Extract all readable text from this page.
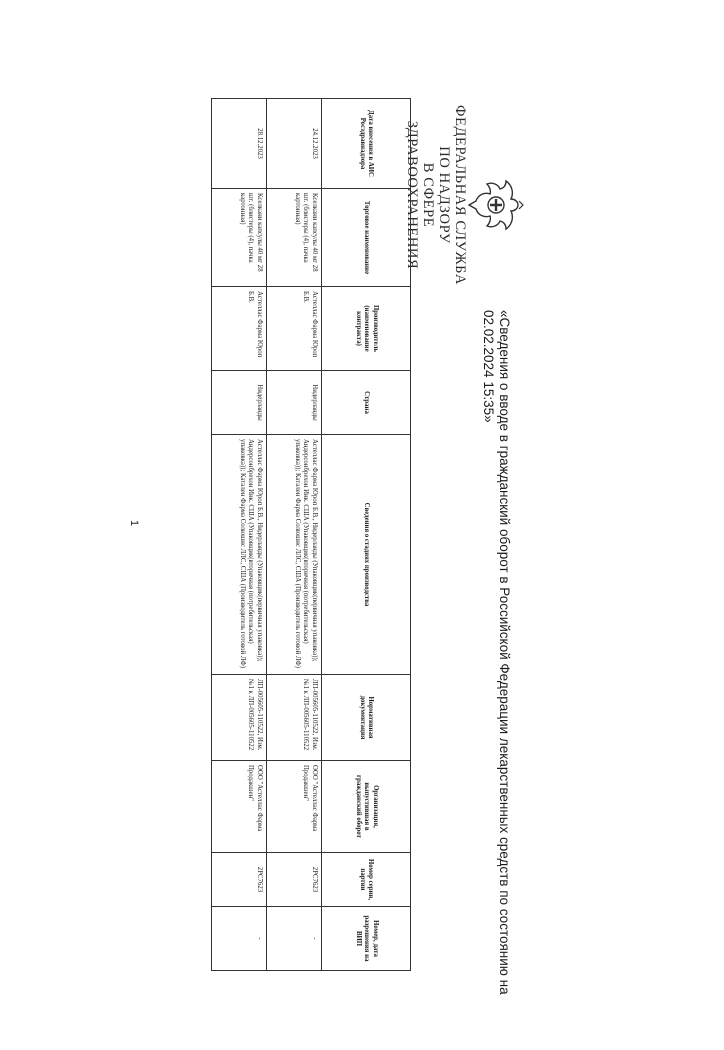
ФЕДЕРАЛЬНАЯ СЛУЖБА ПО НАДЗОРУ
В СФЕРЕ ЗДРАВООХРАНЕНИЯ
«Сведения о вводе в гражданский оборот в Российской Федерации лекарственных средств по состоянию на 02.02.2024 15:35»
Дата внесения в АИС Росздравнадзора	Торговое наименование	Производитель (наименование контракта)	Страна	Сведения о стадиях производства	Нормативная документация	Организация, выпустившая в гражданский оборот	Номер серии, партии	Номер, дата разрешения на ВИП
24.12.2023	Кселкани капсулы 40 мг 28 шт. (блистеры (4), пачка картонная)	Астеллас Фарма Юроп Б.В.	Нидерланды	Астеллас Фарма Юроп Б.В., Нидерланды (Упаковщик(первичная упаковка)); Андерсонбрехон Инк. США (Упаковщик(вторичная (потребительская) упаковка)); Катален Фарма Солюшнс ЛЛС, США (Производитель готовой ЛФ)	ЛП-005605-110522, Изм. №1 к ЛП-005605-110522	ООО "Астеллас Фарма Продакшен"	2РС7623	-
28.12.2023	Кселкани капсулы 40 мг 28 шт. (блистеры (4), пачка картонная)	Астеллас Фарма Юроп Б.В.	Нидерланды	Астеллас Фарма Юроп Б.В., Нидерланды (Упаковщик(первичная упаковка)); Андерсонбрехон Инк. США (Упаковщик(вторичная (потребительская) упаковка)); Катален Фарма Солюшнс ЛЛС, США (Производитель готовой ЛФ)	ЛП-005605-110522, Изм. №1 к ЛП-005605-110522	ООО "Астеллас Фарма Продакшен"	2РС7623	-
1
